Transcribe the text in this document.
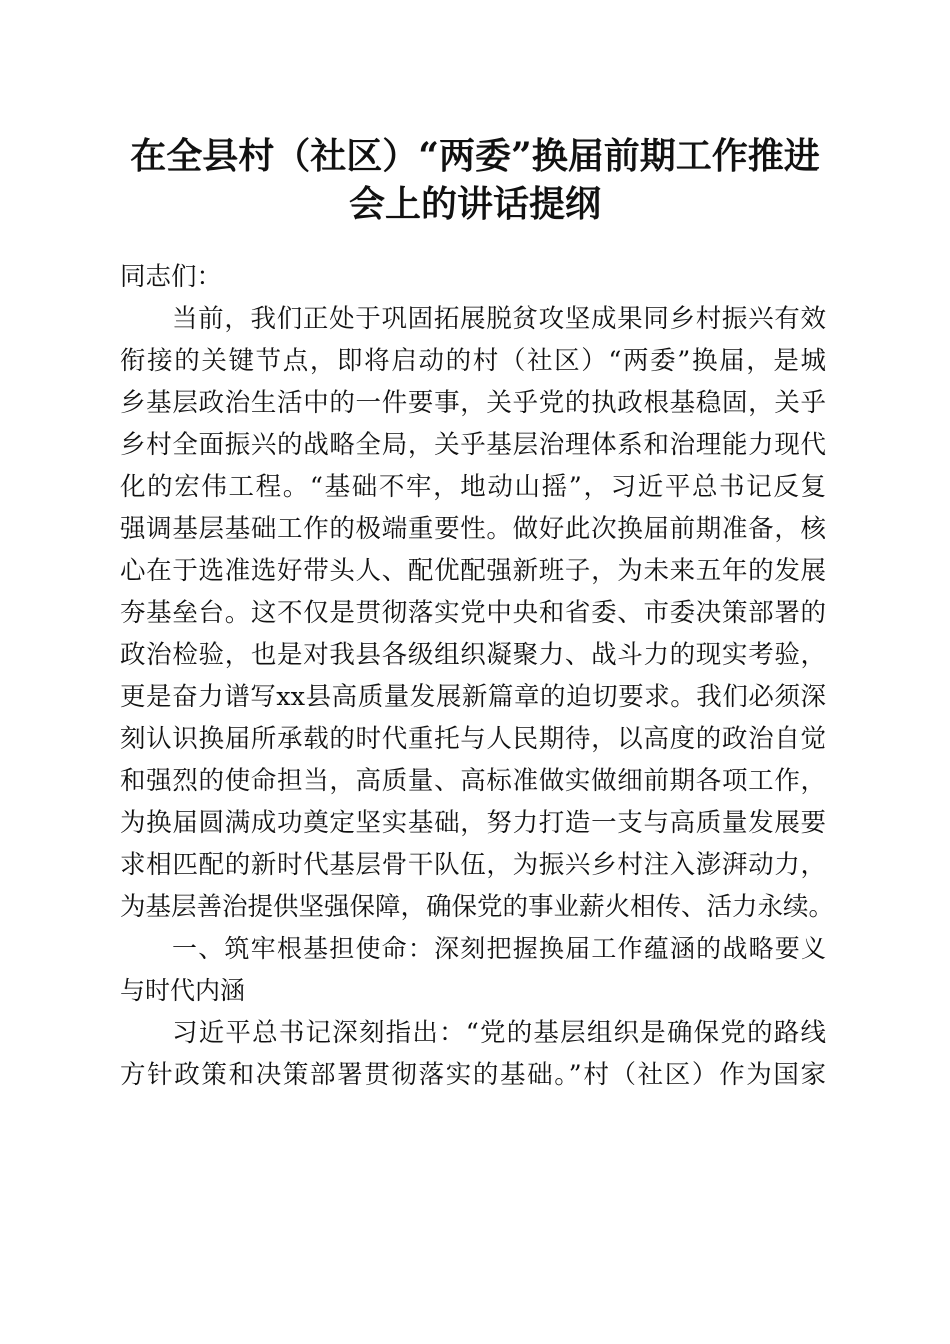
在全县村（社区）“两委”换届前期工作推进
会上的讲话提纲

同志们：

当前，我们正处于巩固拓展脱贫攻坚成果同乡村振兴有效

衔接的关键节点，即将启动的村（社区）“两委”换届，是城

乡基层政治生活中的一件要事，关乎党的执政根基稳固，关乎

乡村全面振兴的战略全局，关乎基层治理体系和治理能力现代

化的宏伟工程。“基础不牢，地动山摇”，习近平总书记反复

强调基层基础工作的极端重要性。做好此次换届前期准备，核

心在于选准选好带头人、配优配强新班子，为未来五年的发展

夯基垒台。这不仅是贯彻落实党中央和省委、市委决策部署的

政治检验，也是对我县各级组织凝聚力、战斗力的现实考验，

更是奋力谱写xx县高质量发展新篇章的迫切要求。我们必须深

刻认识换届所承载的时代重托与人民期待，以高度的政治自觉

和强烈的使命担当，高质量、高标准做实做细前期各项工作，

为换届圆满成功奠定坚实基础，努力打造一支与高质量发展要

求相匹配的新时代基层骨干队伍，为振兴乡村注入澎湃动力，

为基层善治提供坚强保障，确保党的事业薪火相传、活力永续。

一、筑牢根基担使命：深刻把握换届工作蕴涵的战略要义

与时代内涵

习近平总书记深刻指出：“党的基层组织是确保党的路线

方针政策和决策部署贯彻落实的基础。”村（社区）作为国家
